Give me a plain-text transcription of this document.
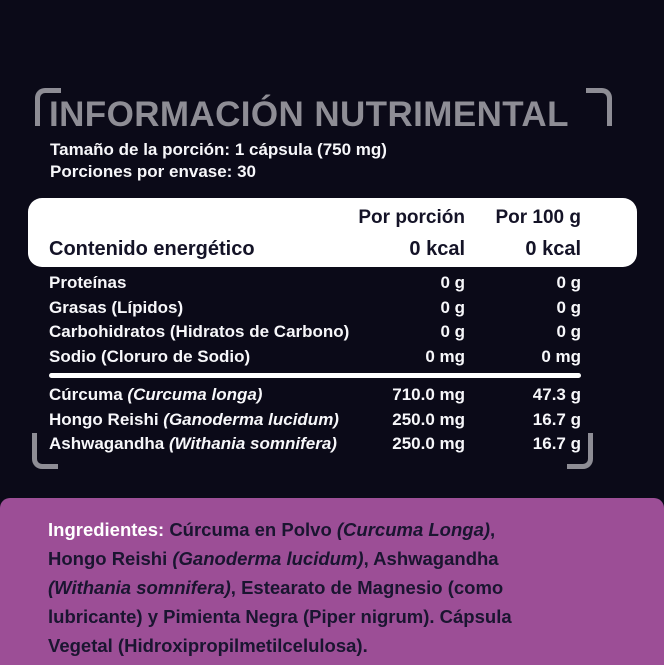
INFORMACIÓN NUTRIMENTAL
Tamaño de la porción: 1 cápsula (750 mg)
Porciones por envase: 30
Por porción	Por 100 g
Contenido energético	0 kcal	0 kcal
Proteínas	0 g	0 g
Grasas (Lípidos)	0 g	0 g
Carbohidratos (Hidratos de Carbono)	0 g	0 g
Sodio (Cloruro de Sodio)	0 mg	0 mg
Cúrcuma (Curcuma longa)	710.0 mg	47.3 g
Hongo Reishi (Ganoderma lucidum)	250.0 mg	16.7 g
Ashwagandha (Withania somnifera)	250.0 mg	16.7 g

Ingredientes: Cúrcuma en Polvo (Curcuma Longa),
Hongo Reishi (Ganoderma lucidum), Ashwagandha
(Withania somnifera), Estearato de Magnesio (como
lubricante) y Pimienta Negra (Piper nigrum). Cápsula
Vegetal (Hidroxipropilmetilcelulosa).
